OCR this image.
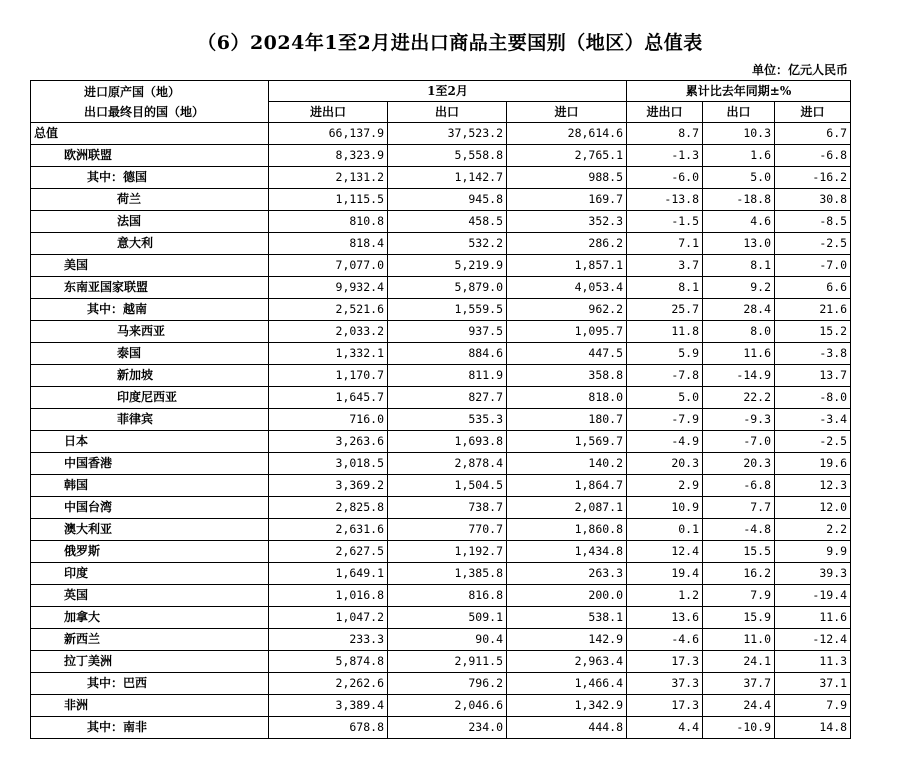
（6）2024年1至2月进出口商品主要国别（地区）总值表
单位：亿元人民币
进口原产国（地）
出口最终目的国（地）	1至2月			累计比去年同期±%		
	进出口	出口	进口	进出口	出口	进口
总值	66,137.9	37,523.2	28,614.6	8.7	10.3	6.7
欧洲联盟	8,323.9	5,558.8	2,765.1	-1.3	1.6	-6.8
其中：德国	2,131.2	1,142.7	988.5	-6.0	5.0	-16.2
荷兰	1,115.5	945.8	169.7	-13.8	-18.8	30.8
法国	810.8	458.5	352.3	-1.5	4.6	-8.5
意大利	818.4	532.2	286.2	7.1	13.0	-2.5
美国	7,077.0	5,219.9	1,857.1	3.7	8.1	-7.0
东南亚国家联盟	9,932.4	5,879.0	4,053.4	8.1	9.2	6.6
其中：越南	2,521.6	1,559.5	962.2	25.7	28.4	21.6
马来西亚	2,033.2	937.5	1,095.7	11.8	8.0	15.2
泰国	1,332.1	884.6	447.5	5.9	11.6	-3.8
新加坡	1,170.7	811.9	358.8	-7.8	-14.9	13.7
印度尼西亚	1,645.7	827.7	818.0	5.0	22.2	-8.0
菲律宾	716.0	535.3	180.7	-7.9	-9.3	-3.4
日本	3,263.6	1,693.8	1,569.7	-4.9	-7.0	-2.5
中国香港	3,018.5	2,878.4	140.2	20.3	20.3	19.6
韩国	3,369.2	1,504.5	1,864.7	2.9	-6.8	12.3
中国台湾	2,825.8	738.7	2,087.1	10.9	7.7	12.0
澳大利亚	2,631.6	770.7	1,860.8	0.1	-4.8	2.2
俄罗斯	2,627.5	1,192.7	1,434.8	12.4	15.5	9.9
印度	1,649.1	1,385.8	263.3	19.4	16.2	39.3
英国	1,016.8	816.8	200.0	1.2	7.9	-19.4
加拿大	1,047.2	509.1	538.1	13.6	15.9	11.6
新西兰	233.3	90.4	142.9	-4.6	11.0	-12.4
拉丁美洲	5,874.8	2,911.5	2,963.4	17.3	24.1	11.3
其中：巴西	2,262.6	796.2	1,466.4	37.3	37.7	37.1
非洲	3,389.4	2,046.6	1,342.9	17.3	24.4	7.9
其中：南非	678.8	234.0	444.8	4.4	-10.9	14.8
